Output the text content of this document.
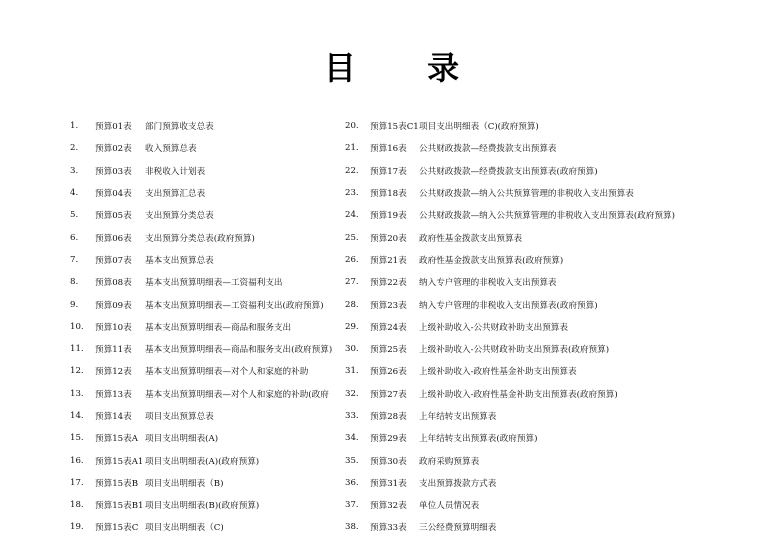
目 录
1.	预算01表	部门预算收支总表
2.	预算02表	收入预算总表
3.	预算03表	非税收入计划表
4.	预算04表	支出预算汇总表
5.	预算05表	支出预算分类总表
6.	预算06表	支出预算分类总表(政府预算)
7.	预算07表	基本支出预算总表
8.	预算08表	基本支出预算明细表—工资福利支出
9.	预算09表	基本支出预算明细表—工资福利支出(政府预算)
10.	预算10表	基本支出预算明细表—商品和服务支出
11.	预算11表	基本支出预算明细表—商品和服务支出(政府预算)
12.	预算12表	基本支出预算明细表—对个人和家庭的补助
13.	预算13表	基本支出预算明细表—对个人和家庭的补助(政府
14.	预算14表	项目支出预算总表
15.	预算15表A 项目支出明细表(A)
16.	预算15表A1 项目支出明细表(A)(政府预算)
17.	预算15表B 项目支出明细表（B)
18.	预算15表B1 项目支出明细表(B)(政府预算)
19.	预算15表C 项目支出明细表（C)
20.	预算15表C1 项目支出明细表（C)(政府预算)
21.	预算16表	公共财政拨款—经费拨款支出预算表
22.	预算17表	公共财政拨款—经费拨款支出预算表(政府预算)
23.	预算18表	公共财政拨款—纳入公共预算管理的非税收入支出预算表
24.	预算19表	公共财政拨款—纳入公共预算管理的非税收入支出预算表(政府预算)
25.	预算20表	政府性基金拨款支出预算表
26.	预算21表	政府性基金拨款支出预算表(政府预算)
27.	预算22表	纳入专户管理的非税收入支出预算表
28.	预算23表	纳入专户管理的非税收入支出预算表(政府预算)
29.	预算24表	上级补助收入-公共财政补助支出预算表
30.	预算25表	上级补助收入-公共财政补助支出预算表(政府预算)
31.	预算26表	上级补助收入-政府性基金补助支出预算表
32.	预算27表	上级补助收入-政府性基金补助支出预算表(政府预算)
33.	预算28表	上年结转支出预算表
34.	预算29表	上年结转支出预算表(政府预算)
35.	预算30表	政府采购预算表
36.	预算31表	支出预算拨款方式表
37.	预算32表	单位人员情况表
38.	预算33表	三公经费预算明细表
